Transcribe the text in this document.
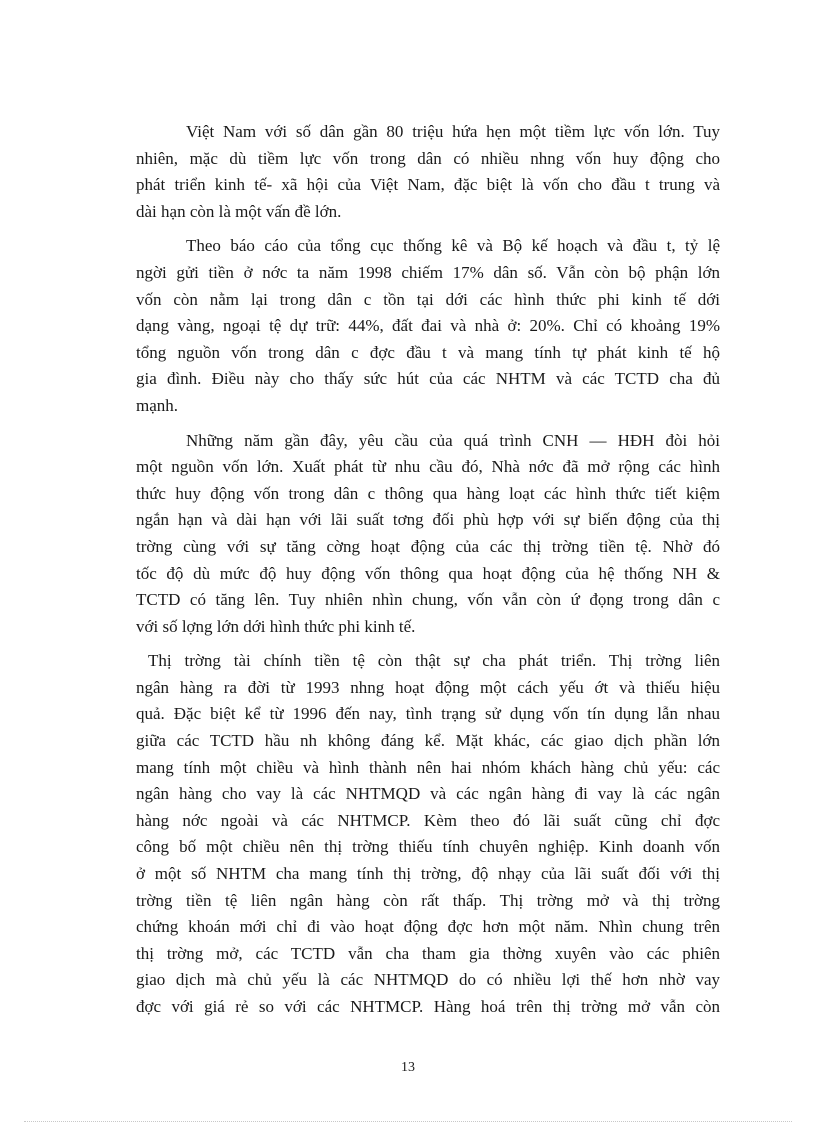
Việt Nam với số dân gần 80 triệu hứa hẹn một tiềm lực vốn lớn. Tuy
nhiên, mặc dù tiềm lực vốn trong dân có nhiều nhng vốn huy động cho
phát triển kinh tế- xã hội của Việt Nam, đặc biệt là vốn cho đầu t trung và
dài hạn còn là một vấn đề lớn.
Theo báo cáo của tổng cục thống kê và Bộ kế hoạch và đầu t, tỷ lệ
ngời gửi tiền ở nớc ta năm 1998 chiếm 17% dân số. Vẫn còn bộ phận lớn
vốn còn nằm lại trong dân c tồn tại dới các hình thức phi kinh tế dới
dạng vàng, ngoại tệ dự trữ: 44%, đất đai và nhà ở: 20%. Chỉ có khoảng 19%
tổng nguồn vốn trong dân c đợc đầu t và mang tính tự phát kinh tế hộ
gia đình. Điều này cho thấy sức hút của các NHTM và các TCTD cha đủ
mạnh.
Những năm gần đây, yêu cầu của quá trình CNH — HĐH đòi hỏi
một nguồn vốn lớn. Xuất phát từ nhu cầu đó, Nhà nớc đã mở rộng các hình
thức huy động vốn trong dân c thông qua hàng loạt các hình thức tiết kiệm
ngắn hạn và dài hạn với lãi suất tơng đối phù hợp với sự biến động của thị
trờng cùng với sự tăng cờng hoạt động của các thị trờng tiền tệ. Nhờ đó
tốc độ dù mức độ huy động vốn thông qua hoạt động của hệ thống NH &
TCTD có tăng lên. Tuy nhiên nhìn chung, vốn vẫn còn ứ đọng trong dân c
với số lợng lớn dới hình thức phi kinh tế.
Thị trờng tài chính tiền tệ còn thật sự cha phát triển. Thị trờng liên
ngân hàng ra đời từ 1993 nhng hoạt động một cách yếu ớt và thiếu hiệu
quả. Đặc biệt kể từ 1996 đến nay, tình trạng sử dụng vốn tín dụng lẫn nhau
giữa các TCTD hầu nh không đáng kể. Mặt khác, các giao dịch phần lớn
mang tính một chiều và hình thành nên hai nhóm khách hàng chủ yếu: các
ngân hàng cho vay là các NHTMQD và các ngân hàng đi vay là các ngân
hàng nớc ngoài và các NHTMCP. Kèm theo đó lãi suất cũng chỉ đợc
công bố một chiều nên thị trờng thiếu tính chuyên nghiệp. Kinh doanh vốn
ở một số NHTM cha mang tính thị trờng, độ nhạy của lãi suất đối với thị
trờng tiền tệ liên ngân hàng còn rất thấp. Thị trờng mở và thị trờng
chứng khoán mới chỉ đi vào hoạt động đợc hơn một năm. Nhìn chung trên
thị trờng mở, các TCTD vẫn cha tham gia thờng xuyên vào các phiên
giao dịch mà chủ yếu là các NHTMQD do có nhiều lợi thế hơn nhờ vay
đợc với giá rẻ so với các NHTMCP. Hàng hoá trên thị trờng mở vẫn còn
13
